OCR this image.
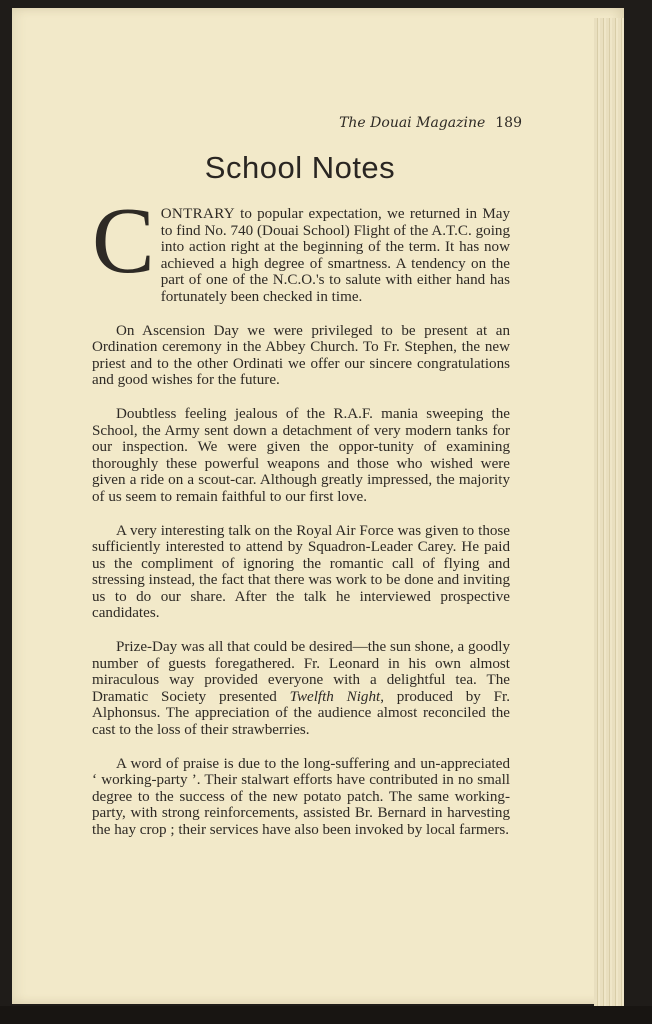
The Douai Magazine 189
School Notes

CONTRARY to popular expectation, we returned in May to find No. 740 (Douai School) Flight of the A.T.C. going into action right at the beginning of the term. It has now achieved a high degree of smartness. A tendency on the part of one of the N.C.O.'s to salute with either hand has fortunately been checked in time.

On Ascension Day we were privileged to be present at an Ordination ceremony in the Abbey Church. To Fr. Stephen, the new priest and to the other Ordinati we offer our sincere congratulations and good wishes for the future.

Doubtless feeling jealous of the R.A.F. mania sweeping the School, the Army sent down a detachment of very modern tanks for our inspection. We were given the oppor-tunity of examining thoroughly these powerful weapons and those who wished were given a ride on a scout-car. Although greatly impressed, the majority of us seem to remain faithful to our first love.

A very interesting talk on the Royal Air Force was given to those sufficiently interested to attend by Squadron-Leader Carey. He paid us the compliment of ignoring the romantic call of flying and stressing instead, the fact that there was work to be done and inviting us to do our share. After the talk he interviewed prospective candidates.

Prize-Day was all that could be desired—the sun shone, a goodly number of guests foregathered. Fr. Leonard in his own almost miraculous way provided everyone with a delightful tea. The Dramatic Society presented Twelfth Night, produced by Fr. Alphonsus. The appreciation of the audience almost reconciled the cast to the loss of their strawberries.

A word of praise is due to the long-suffering and un-appreciated ‘ working-party ’. Their stalwart efforts have contributed in no small degree to the success of the new potato patch. The same working-party, with strong reinforcements, assisted Br. Bernard in harvesting the hay crop ; their services have also been invoked by local farmers.
